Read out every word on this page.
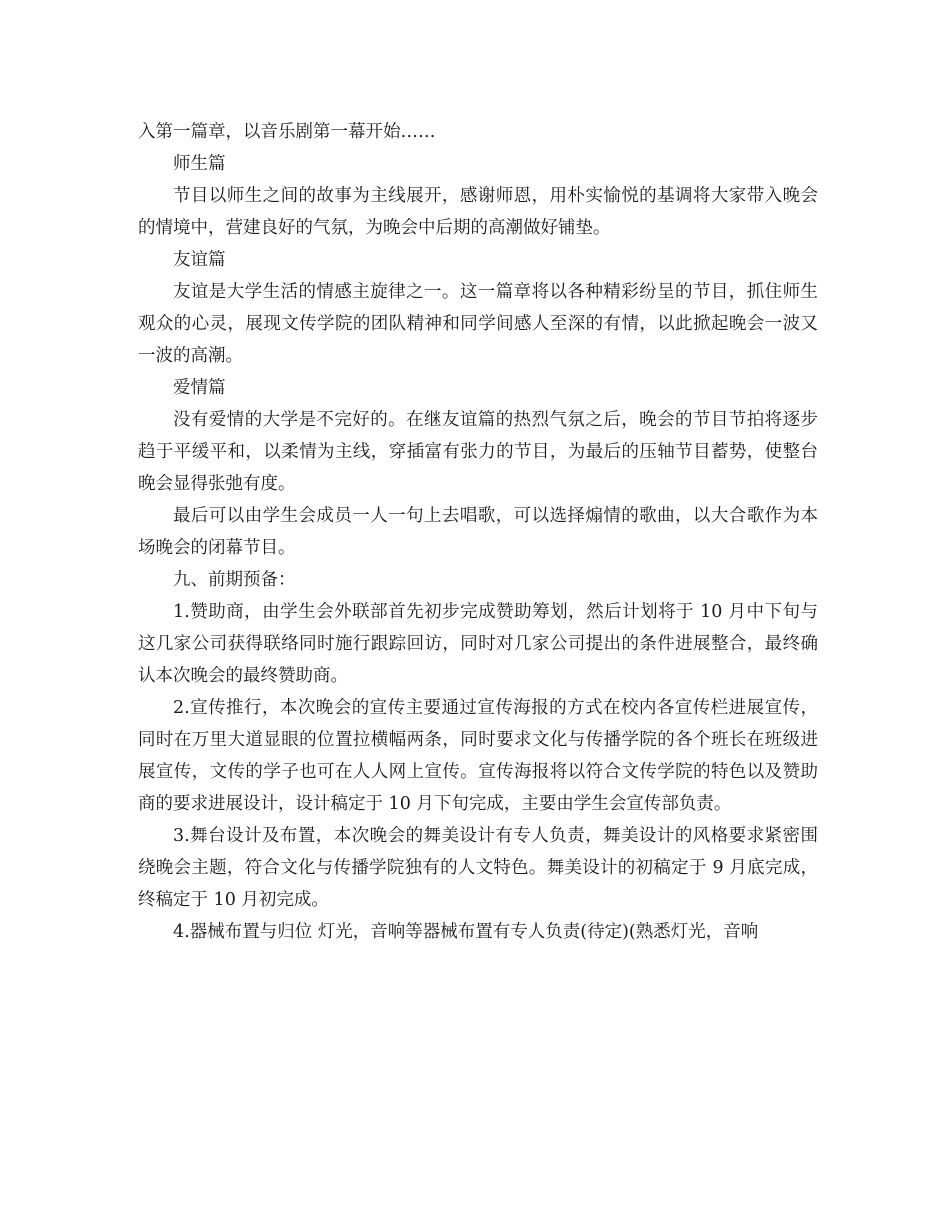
入第一篇章，以音乐剧第一幕开始……

师生篇

节目以师生之间的故事为主线展开，感谢师恩，用朴实愉悦的基调将大家带入晚会的情境中，营建良好的气氛，为晚会中后期的高潮做好铺垫。

友谊篇

友谊是大学生活的情感主旋律之一。这一篇章将以各种精彩纷呈的节目，抓住师生观众的心灵，展现文传学院的团队精神和同学间感人至深的有情，以此掀起晚会一波又一波的高潮。

爱情篇

没有爱情的大学是不完好的。在继友谊篇的热烈气氛之后，晚会的节目节拍将逐步趋于平缓平和，以柔情为主线，穿插富有张力的节目，为最后的压轴节目蓄势，使整台晚会显得张弛有度。

最后可以由学生会成员一人一句上去唱歌，可以选择煽情的歌曲，以大合歌作为本场晚会的闭幕节目。

九、前期预备：

1.赞助商，由学生会外联部首先初步完成赞助筹划，然后计划将于 10 月中下旬与这几家公司获得联络同时施行跟踪回访，同时对几家公司提出的条件进展整合，最终确认本次晚会的最终赞助商。

2.宣传推行，本次晚会的宣传主要通过宣传海报的方式在校内各宣传栏进展宣传，同时在万里大道显眼的位置拉横幅两条，同时要求文化与传播学院的各个班长在班级进展宣传，文传的学子也可在人人网上宣传。宣传海报将以符合文传学院的特色以及赞助商的要求进展设计，设计稿定于 10 月下旬完成，主要由学生会宣传部负责。

3.舞台设计及布置，本次晚会的舞美设计有专人负责，舞美设计的风格要求紧密围绕晚会主题，符合文化与传播学院独有的人文特色。舞美设计的初稿定于 9 月底完成，终稿定于 10 月初完成。

4.器械布置与归位 灯光，音响等器械布置有专人负责(待定)(熟悉灯光，音响
